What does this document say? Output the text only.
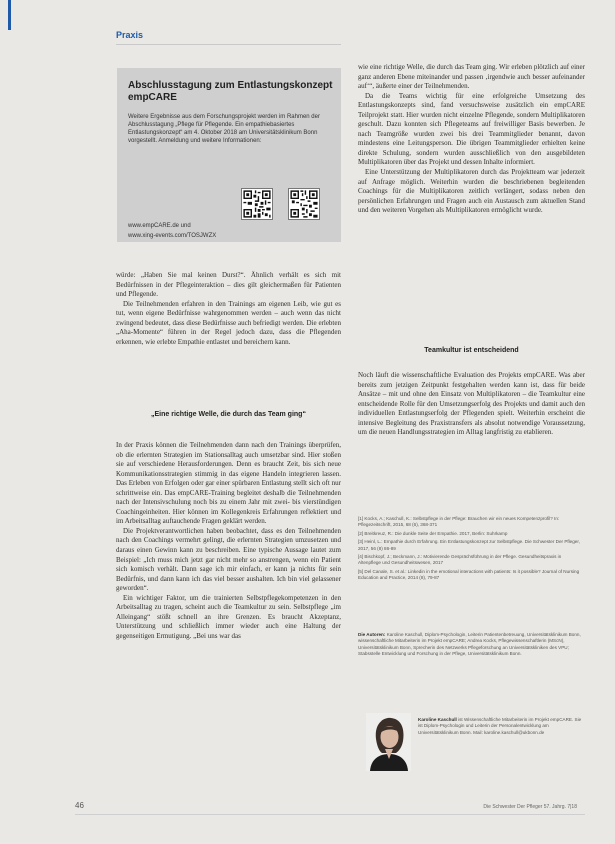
Praxis
Abschlusstagung zum Entlastungskonzept empCARE
Weitere Ergebnisse aus dem Forschungsprojekt werden im Rahmen der Abschlusstagung „Pflege für Pflegende. Ein empathiebasiertes Entlastungskonzept“ am 4. Oktober 2018 am Universitätsklinikum Bonn vorgestellt. Anmeldung und weitere Informationen:
www.empCARE.de und
www.xing-events.com/TOSJWZX

würde: „Haben Sie mal keinen Durst?“. Ähnlich verhält es sich mit Bedürfnissen in der Pflegeinteraktion – dies gilt gleichermaßen für Patienten und Pflegende.

Die Teilnehmenden erfahren in den Trainings am eigenen Leib, wie gut es tut, wenn eigene Bedürfnisse wahrgenommen werden – auch wenn das nicht zwingend bedeutet, dass diese Bedürfnisse auch befriedigt werden. Die erlebten „Aha-Momente“ führen in der Regel jedoch dazu, dass die Pflegenden erkennen, wie erlebte Empathie entlastet und bereichern kann.

„Eine richtige Welle, die durch das Team ging“

In der Praxis können die Teilnehmenden dann nach den Trainings überprüfen, ob die erlernten Strategien im Stationsalltag auch umsetzbar sind. Hier stoßen sie auf verschiedene Herausforderungen. Denn es braucht Zeit, bis sich neue Kommunikationsstrategien stimmig in das eigene Handeln integrieren lassen. Das Erleben von Erfolgen oder gar einer spürbaren Entlastung stellt sich oft nur schrittweise ein. Das empCARE-Training begleitet deshalb die Teilnehmenden nach der Intensivschulung noch bis zu einem Jahr mit zwei- bis vierstündigen Coachingeinheiten. Hier können im Kollegenkreis Erfahrungen reflektiert und im Arbeitsalltag auftauchende Fragen geklärt werden.

Die Projektverantwortlichen haben beobachtet, dass es den Teilnehmenden nach den Coachings vermehrt gelingt, die erlernten Strategien umzusetzen und daraus einen Gewinn kann zu beschreiben. Eine typische Aussage lautet zum Beispiel: „Ich muss mich jetzt gar nicht mehr so anstrengen, wenn ein Patient sich komisch verhält. Dann sage ich mir einfach, er kann ja nichts für sein Bedürfnis, und dann kann ich das viel besser aushalten. Ich bin viel gelassener geworden“.

Ein wichtiger Faktor, um die trainierten Selbstpflegekompetenzen in den Arbeitsalltag zu tragen, scheint auch die Teamkultur zu sein. Selbstpflege „im Alleingang“ stößt schnell an ihre Grenzen. Es braucht Akzeptanz, Unterstützung und schließlich immer wieder auch eine Haltung der gegenseitigen Ermutigung. „Bei uns war das

wie eine richtige Welle, die durch das Team ging. Wir erleben plötzlich auf einer ganz anderen Ebene miteinander und passen ‚irgendwie auch besser aufeinander auf‘“, äußerte einer der Teilnehmenden.

Da die Teams wichtig für eine erfolgreiche Umsetzung des Entlastungskonzepts sind, fand versuchsweise zusätzlich ein empCARE Teilprojekt statt. Hier wurden nicht einzelne Pflegende, sondern Multiplikatoren geschult. Dazu konnten sich Pflegeteams auf freiwilliger Basis bewerben. Je nach Teamgröße wurden zwei bis drei Teammitglieder benannt, davon mindestens eine Leitungsperson. Die übrigen Teammitglieder erhielten keine direkte Schulung, sondern wurden ausschließlich von den ausgebildeten Multiplikatoren über das Projekt und dessen Inhalte informiert.

Eine Unterstützung der Multiplikatoren durch das Projektteam war jederzeit auf Anfrage möglich. Weiterhin wurden die beschriebenen begleitenden Coachings für die Multiplikatoren zeitlich verlängert, sodass neben den persönlichen Erfahrungen und Fragen auch ein Austausch zum aktuellen Stand und den weiteren Vorgehen als Multiplikatoren ermöglicht wurde.

Teamkultur ist entscheidend

Noch läuft die wissenschaftliche Evaluation des Projekts empCARE. Was aber bereits zum jetzigen Zeitpunkt festgehalten werden kann ist, dass für beide Ansätze – mit und ohne den Einsatz von Multiplikatoren – die Teamkultur eine entscheidende Rolle für den Umsetzungserfolg des Projekts und damit auch den individuellen Entlastungserfolg der Pflegenden spielt. Weiterhin erscheint die intensive Begleitung des Praxistransfers als absolut notwendige Voraussetzung, um die neuen Handlungsstrategien im Alltag langfristig zu etablieren.

[1] Kocks, A.; Kaschull, K.: Selbstpflege in der Pflege: Brauchen wir ein neues Kompetenzprofil? In: Pflegezeitschrift, 2015, 68 (6), 368-371

[2] Breitkreuz, R.: Die dunkle Seite der Empathie. 2017, Berlin: Suhrkamp

[3] Heinl, L.: Empathie durch Erfahrung. Ein Entlastungskonzept zur Selbstpflege. Die Schwester Der Pfleger, 2017, 56 (8) 86-89

[4] Bischkopf, J.; Beckmann, J.: Motivierende Gesprächsführung in der Pflege. Gesundheitspraxis in Altenpflege und Gesundheitswesen, 2017

[5] Del Canale, S. et al.: Linkedin in the emotional interactions with patients: Is it possible? Journal of Nursing Education and Practice, 2014 (8), 79-87

Die Autoren: Karoline Kaschull, Diplom-Psychologin, Leiterin Patientenbetreuung, Universitätsklinikum Bonn, wissenschaftliche Mitarbeiterin im Projekt empCARE; Andrea Kocks, Pflegewissenschaftlerin (MScN), Universitätsklinikum Bonn, Sprecherin des Netzwerks Pflegeforschung an Universitätskliniken des VPU; Stabsstelle Entwicklung und Forschung in der Pflege, Universitätsklinikum Bonn.
Karoline Kaschull ist Wissenschaftliche Mitarbeiterin im Projekt empCARE. Sie ist Diplom-Psychologin und Leiterin der Personalentwicklung am Universitätsklinikum Bonn. Mail: karoline.kaschull@ukbonn.de
46	Die Schwester Der Pfleger 57. Jahrg. 7|18
